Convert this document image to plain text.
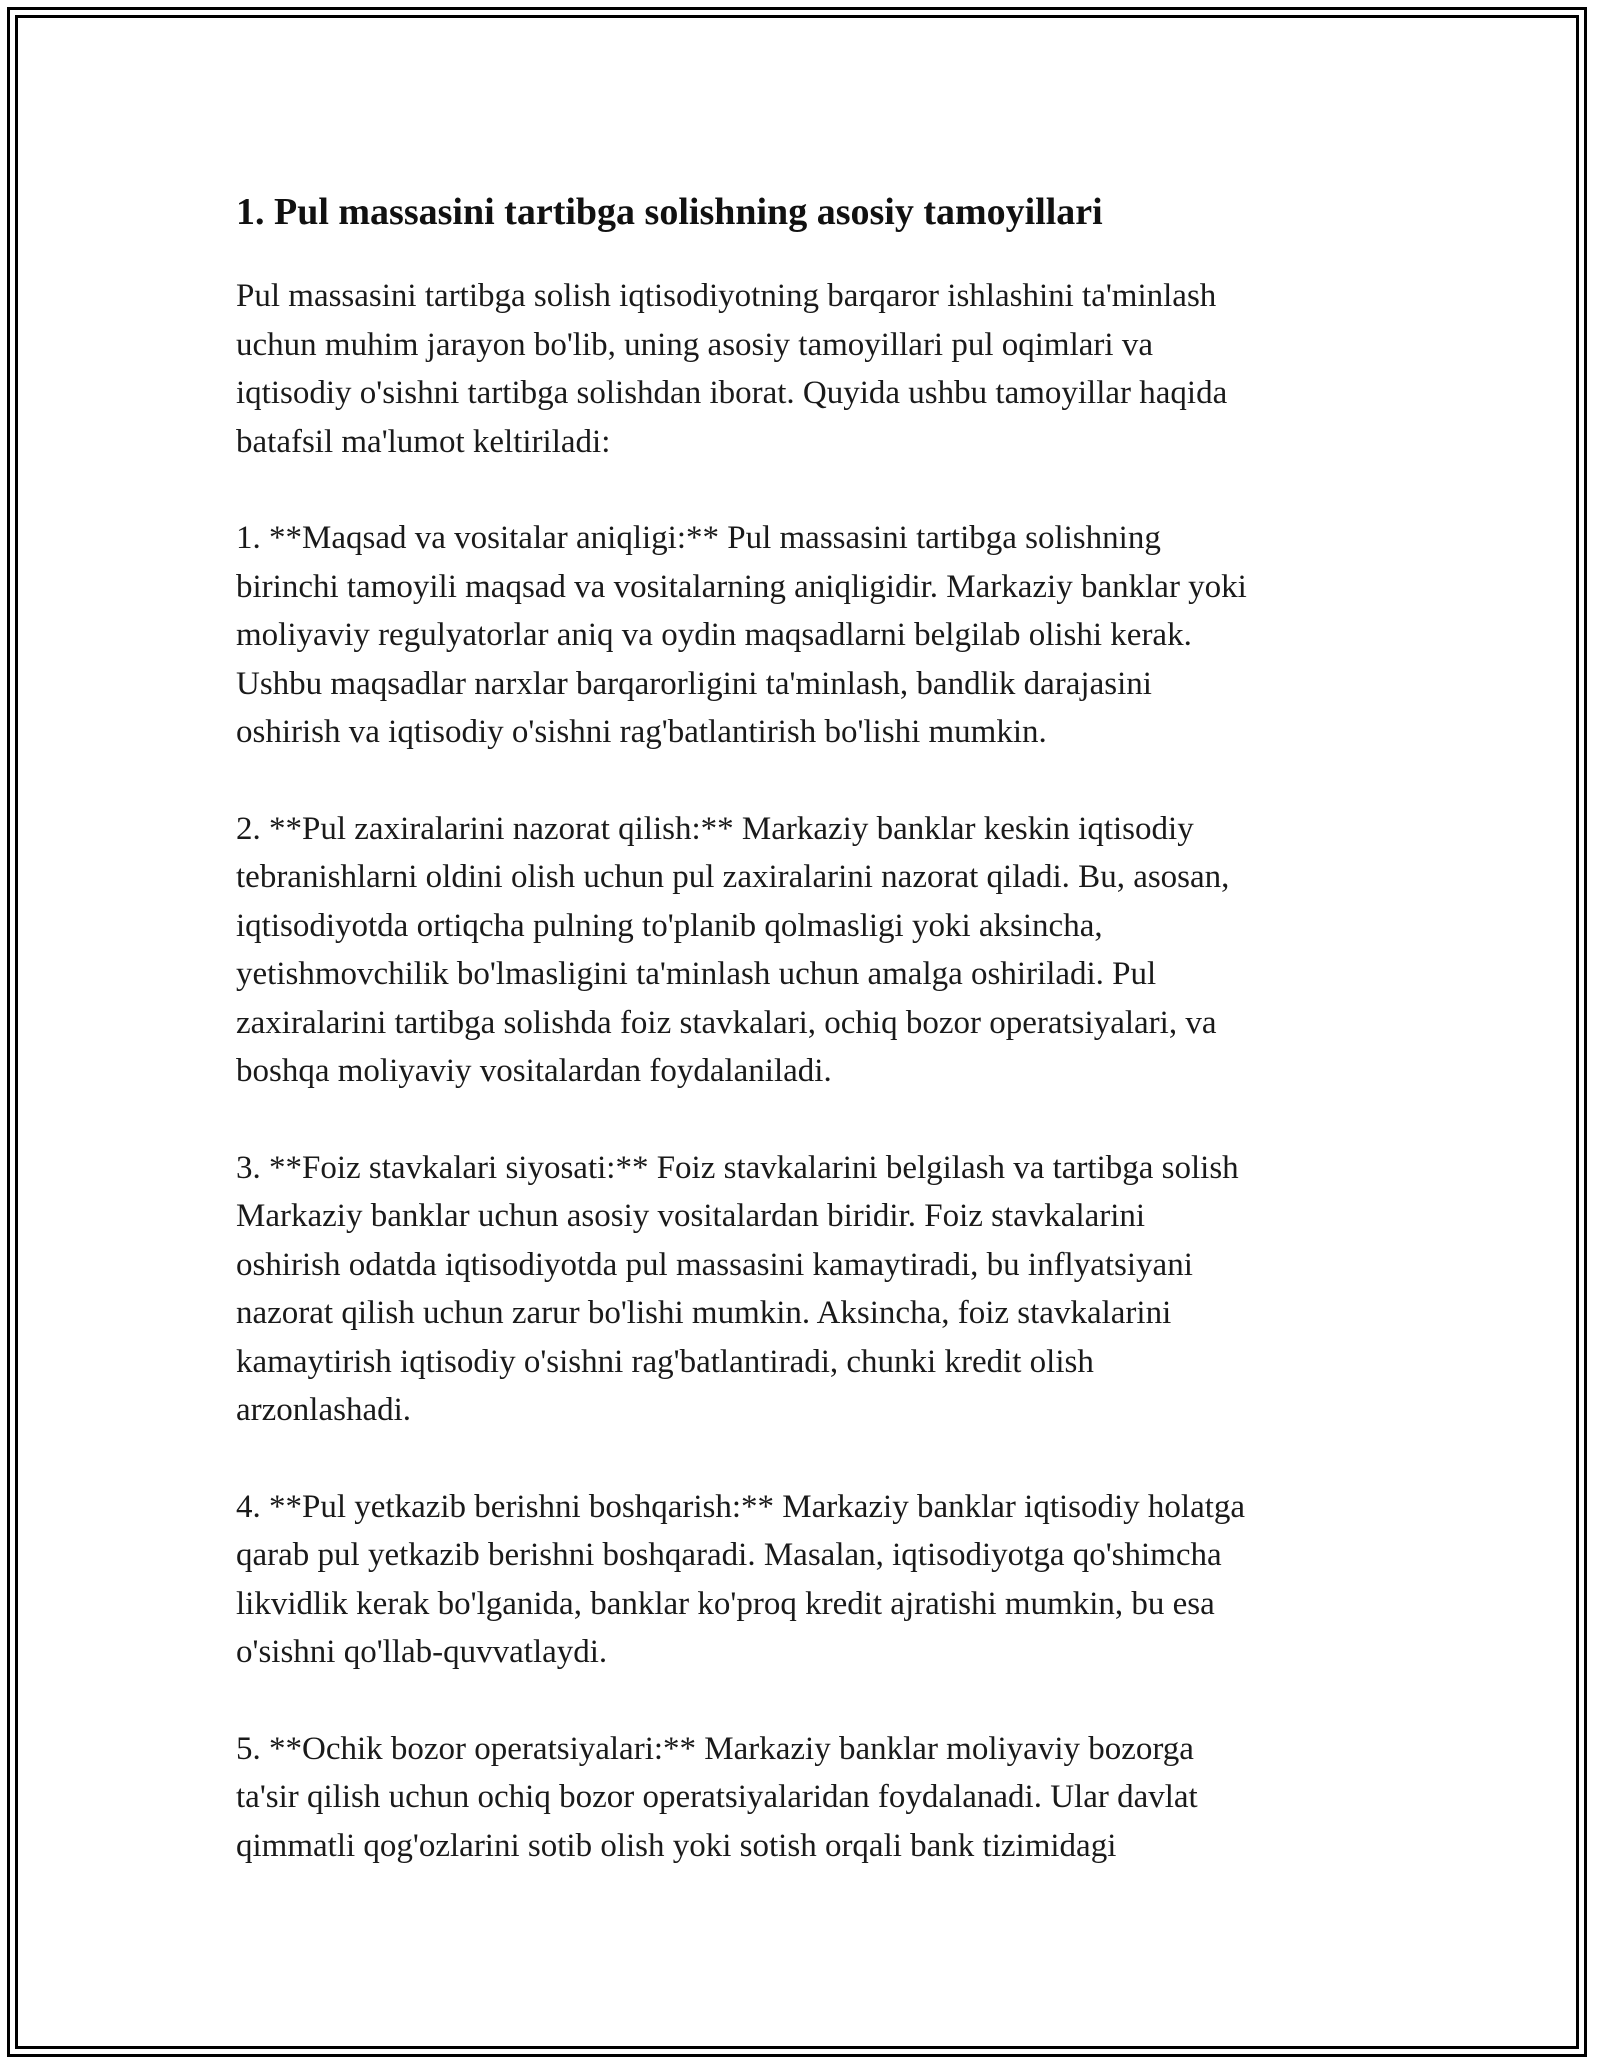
1. Pul massasini tartibga solishning asosiy tamoyillari

Pul massasini tartibga solish iqtisodiyotning barqaror ishlashini ta'minlash
uchun muhim jarayon bo'lib, uning asosiy tamoyillari pul oqimlari va
iqtisodiy o'sishni tartibga solishdan iborat. Quyida ushbu tamoyillar haqida
batafsil ma'lumot keltiriladi:

1. **Maqsad va vositalar aniqligi:** Pul massasini tartibga solishning
birinchi tamoyili maqsad va vositalarning aniqligidir. Markaziy banklar yoki
moliyaviy regulyatorlar aniq va oydin maqsadlarni belgilab olishi kerak.
Ushbu maqsadlar narxlar barqarorligini ta'minlash, bandlik darajasini
oshirish va iqtisodiy o'sishni rag'batlantirish bo'lishi mumkin.

2. **Pul zaxiralarini nazorat qilish:** Markaziy banklar keskin iqtisodiy
tebranishlarni oldini olish uchun pul zaxiralarini nazorat qiladi. Bu, asosan,
iqtisodiyotda ortiqcha pulning to'planib qolmasligi yoki aksincha,
yetishmovchilik bo'lmasligini ta'minlash uchun amalga oshiriladi. Pul
zaxiralarini tartibga solishda foiz stavkalari, ochiq bozor operatsiyalari, va
boshqa moliyaviy vositalardan foydalaniladi.

3. **Foiz stavkalari siyosati:** Foiz stavkalarini belgilash va tartibga solish
Markaziy banklar uchun asosiy vositalardan biridir. Foiz stavkalarini
oshirish odatda iqtisodiyotda pul massasini kamaytiradi, bu inflyatsiyani
nazorat qilish uchun zarur bo'lishi mumkin. Aksincha, foiz stavkalarini
kamaytirish iqtisodiy o'sishni rag'batlantiradi, chunki kredit olish
arzonlashadi.

4. **Pul yetkazib berishni boshqarish:** Markaziy banklar iqtisodiy holatga
qarab pul yetkazib berishni boshqaradi. Masalan, iqtisodiyotga qo'shimcha
likvidlik kerak bo'lganida, banklar ko'proq kredit ajratishi mumkin, bu esa
o'sishni qo'llab-quvvatlaydi.

5. **Ochik bozor operatsiyalari:** Markaziy banklar moliyaviy bozorga
ta'sir qilish uchun ochiq bozor operatsiyalaridan foydalanadi. Ular davlat
qimmatli qog'ozlarini sotib olish yoki sotish orqali bank tizimidagi
